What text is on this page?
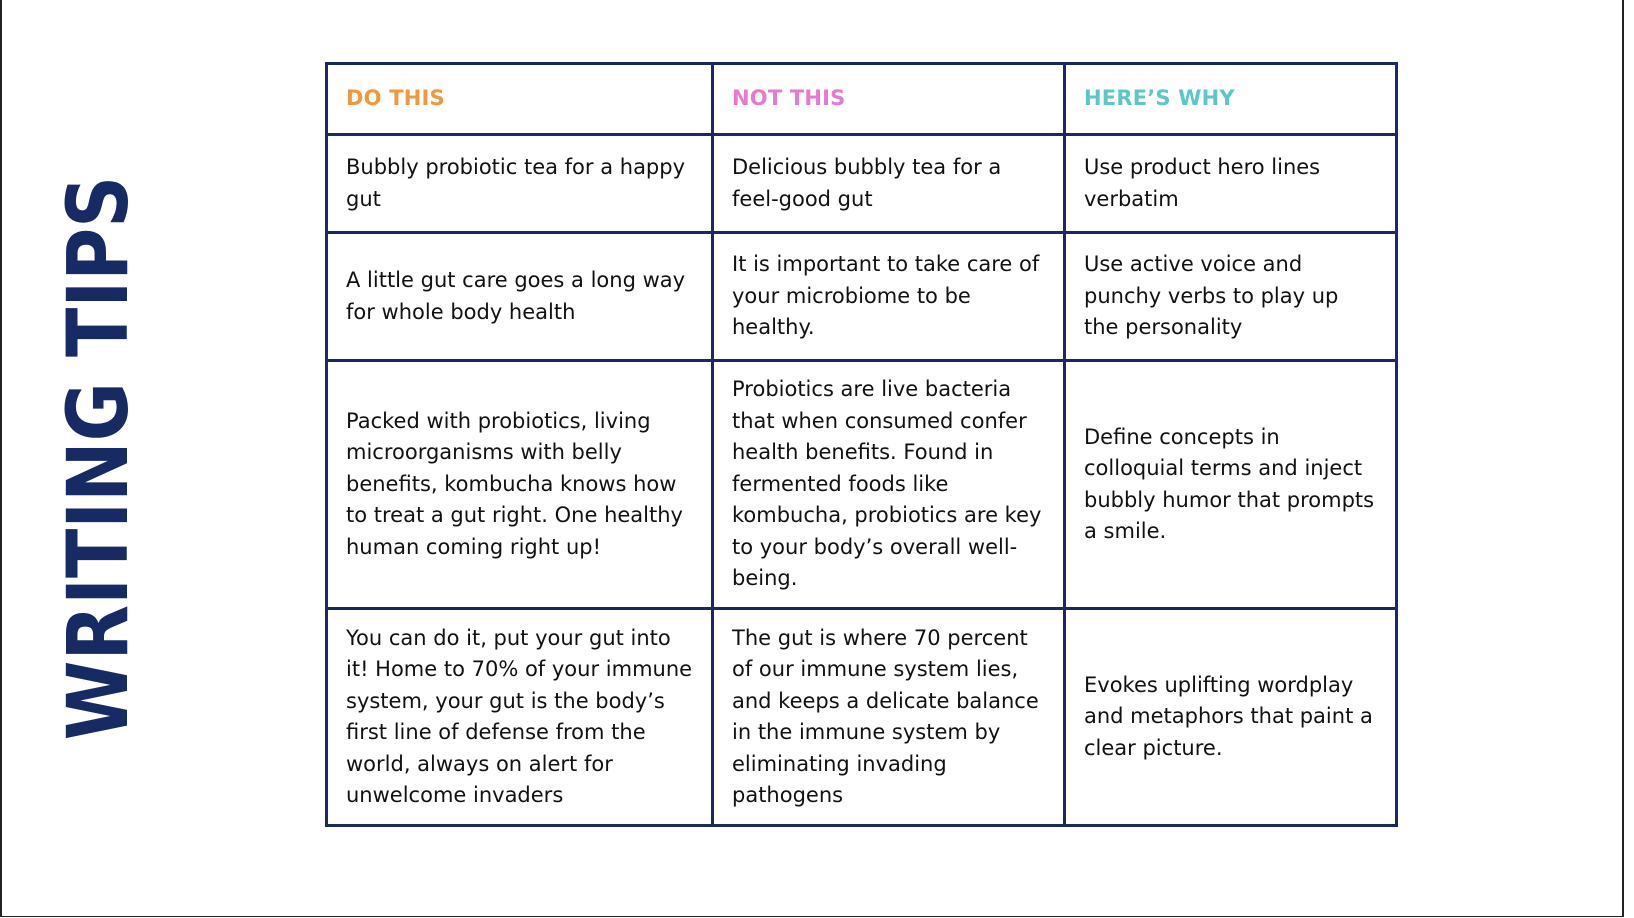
WRITING TIPS
DO THIS	NOT THIS	HERE’S WHY
Bubbly probiotic tea for a happy gut	Delicious bubbly tea for a feel-good gut	Use product hero lines verbatim
A little gut care goes a long way for whole body health	It is important to take care of your microbiome to be healthy.	Use active voice and punchy verbs to play up the personality
Packed with probiotics, living microorganisms with belly benefits, kombucha knows how to treat a gut right. One healthy human coming right up!	Probiotics are live bacteria that when consumed confer health benefits. Found in fermented foods like kombucha, probiotics are key to your body’s overall well-being.	Define concepts in colloquial terms and inject bubbly humor that prompts a smile.
You can do it, put your gut into it! Home to 70% of your immune system, your gut is the body’s first line of defense from the world, always on alert for unwelcome invaders	The gut is where 70 percent of our immune system lies, and keeps a delicate balance in the immune system by eliminating invading pathogens	Evokes uplifting wordplay and metaphors that paint a clear picture.
